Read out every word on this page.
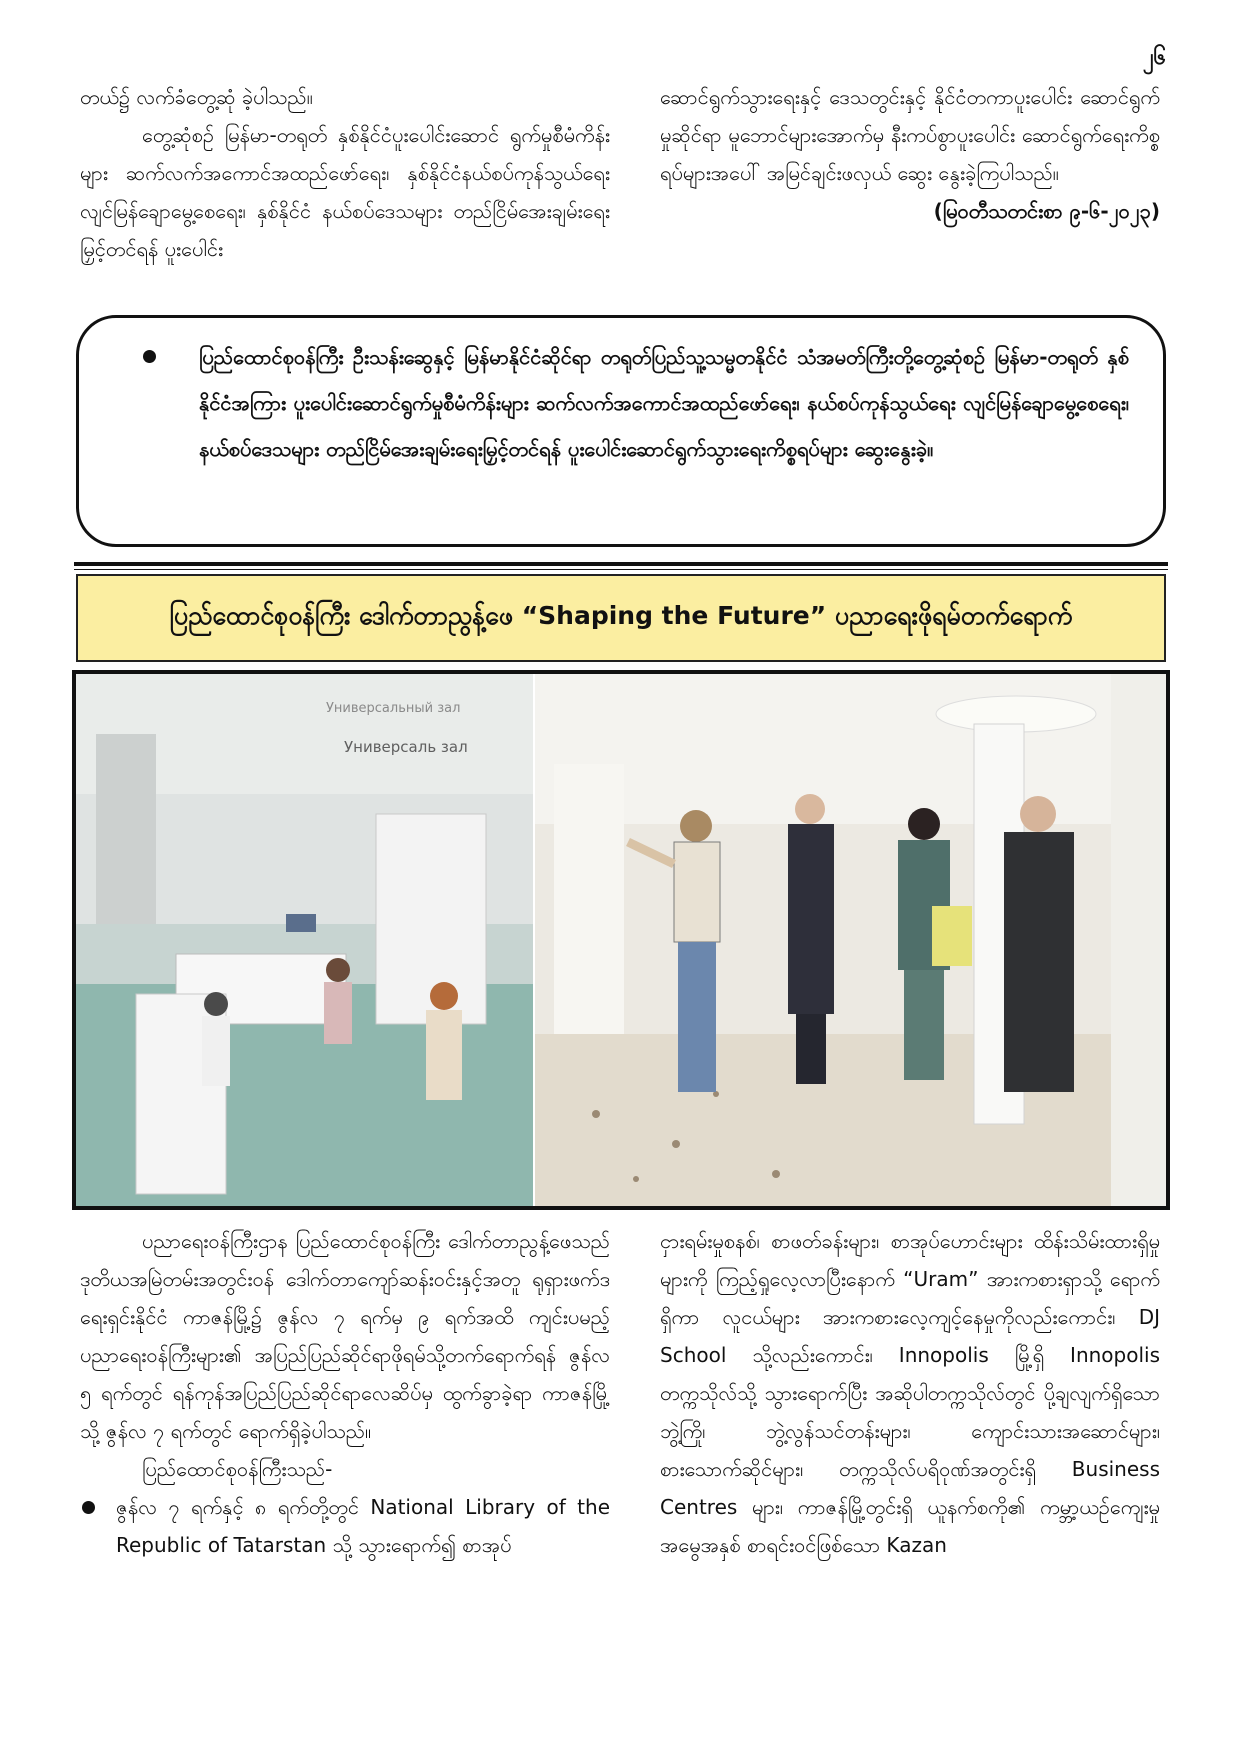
၂၆

တယ်၌ လက်ခံတွေ့ဆုံ ခဲ့ပါသည်။

တွေ့ဆုံစဉ် မြန်မာ-တရုတ် နှစ်နိုင်ငံပူးပေါင်းဆောင် ရွက်မှုစီမံကိန်းများ ဆက်လက်အကောင်အထည်ဖော်ရေး၊ နှစ်နိုင်ငံနယ်စပ်ကုန်သွယ်ရေး လျင်မြန်ချောမွေ့စေရေး၊ နှစ်နိုင်ငံ နယ်စပ်ဒေသများ တည်ငြိမ်အေးချမ်းရေးမြှင့်တင်ရန် ပူးပေါင်း

ဆောင်ရွက်သွားရေးနှင့် ဒေသတွင်းနှင့် နိုင်ငံတကာပူးပေါင်း ဆောင်ရွက်မှုဆိုင်ရာ မူဘောင်များအောက်မှ နီးကပ်စွာပူးပေါင်း ဆောင်ရွက်ရေးကိစ္စရပ်များအပေါ် အမြင်ချင်းဖလှယ် ဆွေး နွေးခဲ့ကြပါသည်။

(မြဝတီသတင်းစာ ၉-၆-၂၀၂၃)

ပြည်ထောင်စုဝန်ကြီး ဦးသန်းဆွေနှင့် မြန်မာနိုင်ငံဆိုင်ရာ တရုတ်ပြည်သူ့သမ္မတနိုင်ငံ သံအမတ်ကြီးတို့တွေ့ဆုံစဉ် မြန်မာ-တရုတ် နှစ်နိုင်ငံအကြား ပူးပေါင်းဆောင်ရွက်မှုစီမံကိန်းများ ဆက်လက်အကောင်အထည်ဖော်ရေး၊ နယ်စပ်ကုန်သွယ်ရေး လျင်မြန်ချောမွေ့စေရေး၊ နယ်စပ်ဒေသများ တည်ငြိမ်အေးချမ်းရေးမြှင့်တင်ရန် ပူးပေါင်းဆောင်ရွက်သွားရေးကိစ္စရပ်များ ဆွေးနွေးခဲ့။
ပြည်ထောင်စုဝန်ကြီး ဒေါက်တာညွန့်ဖေ “Shaping the Future” ပညာရေးဖိုရမ်တက်ရောက်
Универсальный зал
Универсаль зал

ပညာရေးဝန်ကြီးဌာန ပြည်ထောင်စုဝန်ကြီး ဒေါက်တာညွန့်ဖေသည် ဒုတိယအမြဲတမ်းအတွင်းဝန် ဒေါက်တာကျော်ဆန်းဝင်းနှင့်အတူ ရုရှားဖက်ဒရေးရှင်းနိုင်ငံ ကာဇန်မြို့၌ ဇွန်လ ၇ ရက်မှ ၉ ရက်အထိ ကျင်းပမည့် ပညာရေးဝန်ကြီးများ၏ အပြည်ပြည်ဆိုင်ရာဖိုရမ်သို့တက်ရောက်ရန် ဇွန်လ ၅ ရက်တွင် ရန်ကုန်အပြည်ပြည်ဆိုင်ရာလေဆိပ်မှ ထွက်ခွာခဲ့ရာ ကာဇန်မြို့သို့ ဇွန်လ ၇ ရက်တွင် ရောက်ရှိခဲ့ပါသည်။

ပြည်ထောင်စုဝန်ကြီးသည်-

ဇွန်လ ၇ ရက်နှင့် ၈ ရက်တို့တွင် National Library of the Republic of Tatarstan သို့ သွားရောက်၍ စာအုပ်

ငှားရမ်းမှုစနစ်၊ စာဖတ်ခန်းများ၊ စာအုပ်ဟောင်းများ ထိန်းသိမ်းထားရှိမှုများကို ကြည့်ရှုလေ့လာပြီးနောက် “Uram” အားကစားရှာသို့ ရောက်ရှိကာ လူငယ်များ အားကစားလေ့ကျင့်နေမှုကိုလည်းကောင်း၊ DJ School သို့လည်းကောင်း၊ Innopolis မြို့ရှိ Innopolis တက္ကသိုလ်သို့ သွားရောက်ပြီး အဆိုပါတက္ကသိုလ်တွင် ပို့ချလျက်ရှိသော ဘွဲ့ကြို၊ ဘွဲ့လွန်သင်တန်းများ၊ ကျောင်းသားအဆောင်များ၊ စားသောက်ဆိုင်များ၊ တက္ကသိုလ်ပရိဝုဏ်အတွင်းရှိ Business Centres များ၊ ကာဇန်မြို့တွင်းရှိ ယူနက်စကို၏ ကမ္ဘာ့ယဉ်ကျေးမှု အမွေအနှစ် စာရင်းဝင်ဖြစ်သော Kazan
